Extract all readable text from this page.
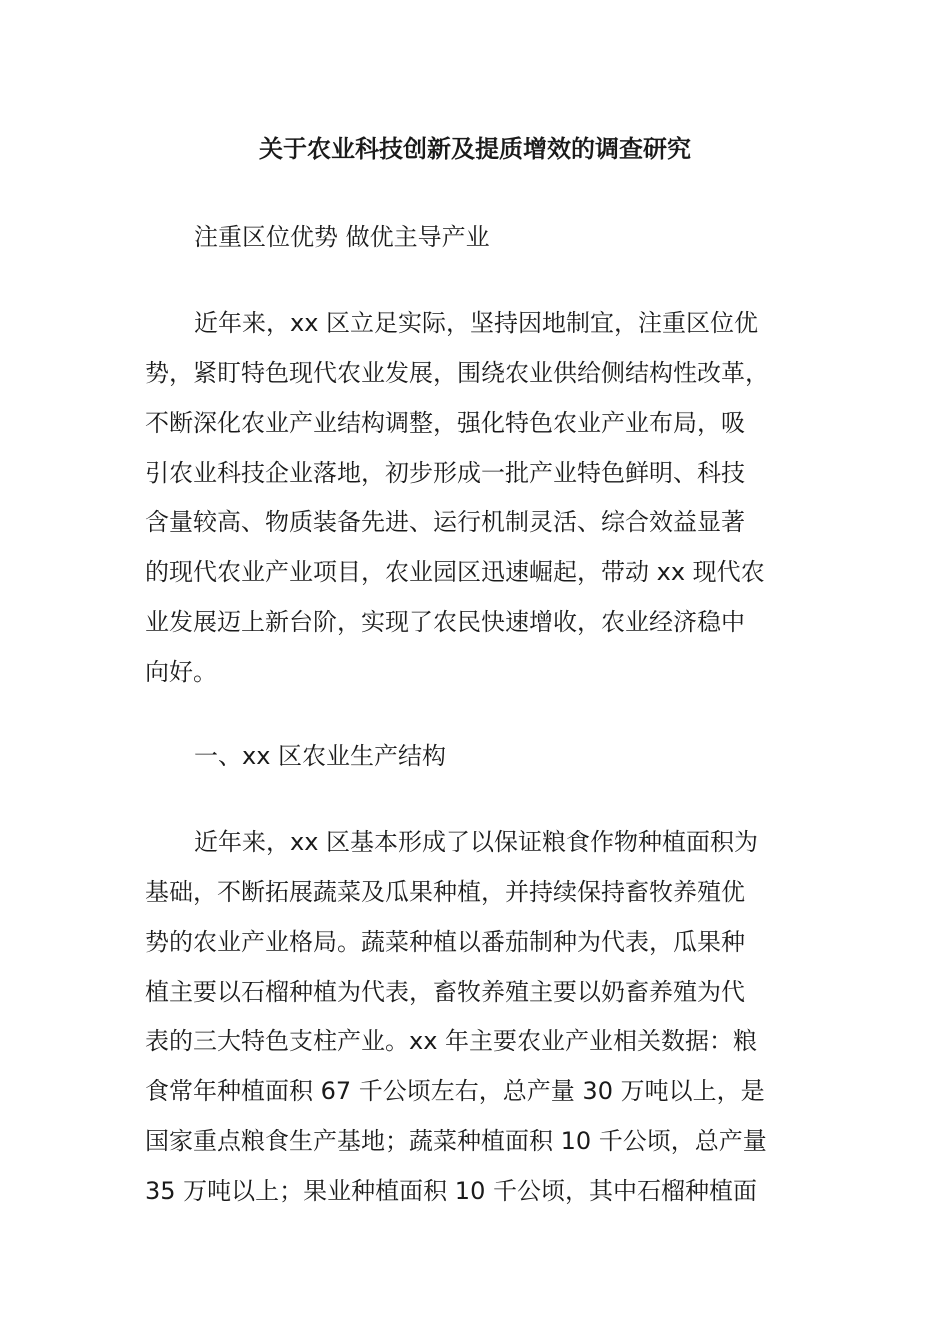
关于农业科技创新及提质增效的调查研究
注重区位优势 做优主导产业
近年来，xx 区立足实际，坚持因地制宜，注重区位优
势，紧盯特色现代农业发展，围绕农业供给侧结构性改革，
不断深化农业产业结构调整，强化特色农业产业布局，吸
引农业科技企业落地，初步形成一批产业特色鲜明、科技
含量较高、物质装备先进、运行机制灵活、综合效益显著
的现代农业产业项目，农业园区迅速崛起，带动 xx 现代农
业发展迈上新台阶，实现了农民快速增收，农业经济稳中
向好。
一、xx 区农业生产结构
近年来，xx 区基本形成了以保证粮食作物种植面积为
基础，不断拓展蔬菜及瓜果种植，并持续保持畜牧养殖优
势的农业产业格局。蔬菜种植以番茄制种为代表，瓜果种
植主要以石榴种植为代表，畜牧养殖主要以奶畜养殖为代
表的三大特色支柱产业。xx 年主要农业产业相关数据：粮
食常年种植面积 67 千公顷左右，总产量 30 万吨以上，是
国家重点粮食生产基地；蔬菜种植面积 10 千公顷，总产量
35 万吨以上；果业种植面积 10 千公顷，其中石榴种植面
